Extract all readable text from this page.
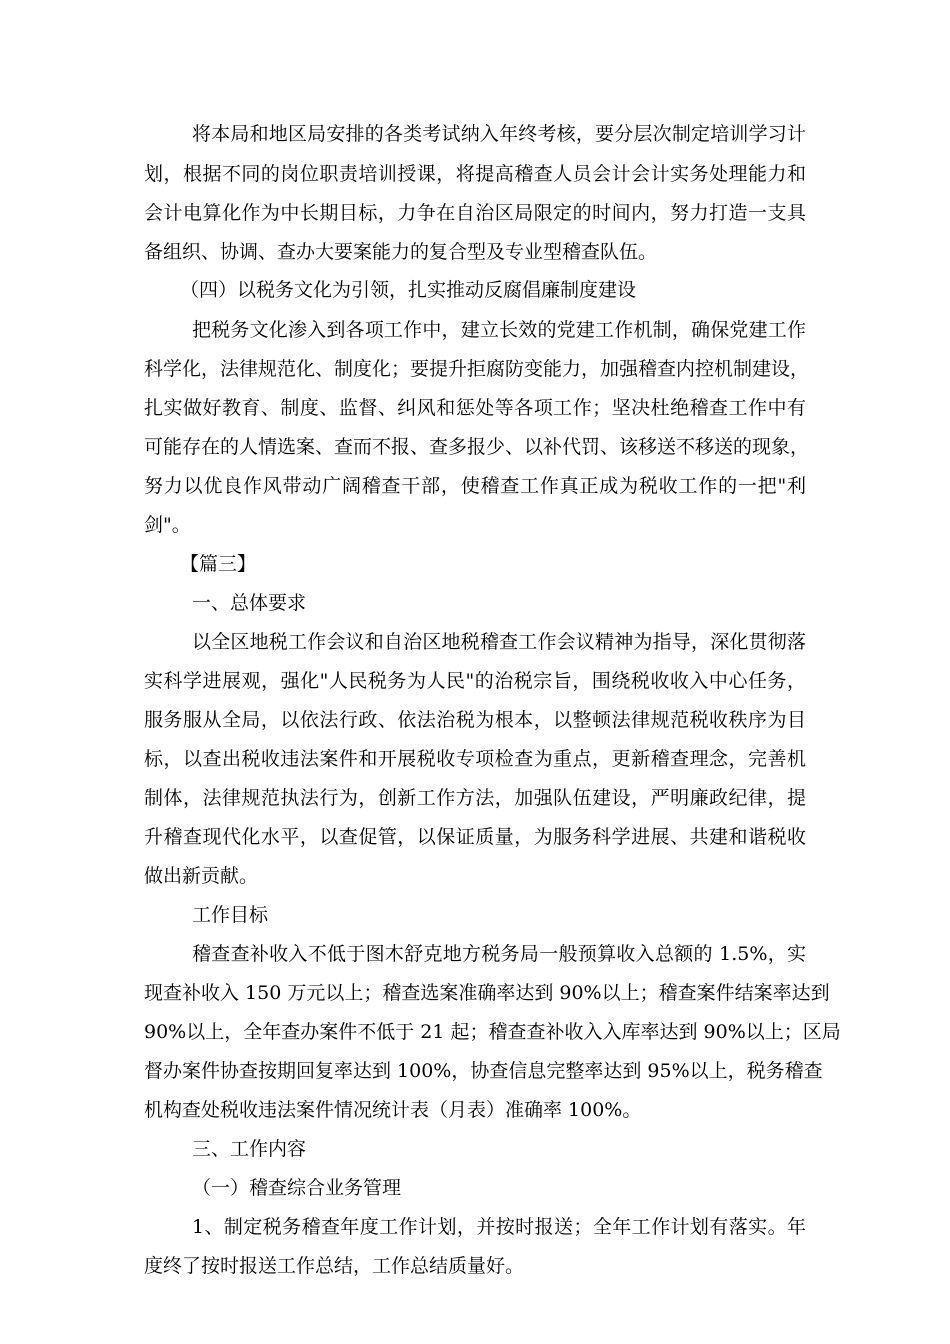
将本局和地区局安排的各类考试纳入年终考核，要分层次制定培训学习计
划，根据不同的岗位职责培训授课，将提高稽查人员会计会计实务处理能力和
会计电算化作为中长期目标，力争在自治区局限定的时间内，努力打造一支具
备组织、协调、查办大要案能力的复合型及专业型稽查队伍。
（四）以税务文化为引领，扎实推动反腐倡廉制度建设
把税务文化渗入到各项工作中，建立长效的党建工作机制，确保党建工作
科学化，法律规范化、制度化；要提升拒腐防变能力，加强稽查内控机制建设，
扎实做好教育、制度、监督、纠风和惩处等各项工作；坚决杜绝稽查工作中有
可能存在的人情选案、查而不报、查多报少、以补代罚、该移送不移送的现象，
努力以优良作风带动广阔稽查干部，使稽查工作真正成为税收工作的一把"利
剑"。
【篇三】
一、总体要求
以全区地税工作会议和自治区地税稽查工作会议精神为指导，深化贯彻落
实科学进展观，强化"人民税务为人民"的治税宗旨，围绕税收收入中心任务，
服务服从全局，以依法行政、依法治税为根本，以整顿法律规范税收秩序为目
标，以查出税收违法案件和开展税收专项检查为重点，更新稽查理念，完善机
制体，法律规范执法行为，创新工作方法，加强队伍建设，严明廉政纪律，提
升稽查现代化水平，以查促管，以保证质量，为服务科学进展、共建和谐税收
做出新贡献。
工作目标
稽查查补收入不低于图木舒克地方税务局一般预算收入总额的 1.5%，实
现查补收入 150 万元以上；稽查选案准确率达到 90%以上；稽查案件结案率达到
90%以上，全年查办案件不低于 21 起；稽查查补收入入库率达到 90%以上；区局
督办案件协查按期回复率达到 100%，协查信息完整率达到 95%以上，税务稽查
机构查处税收违法案件情况统计表（月表）准确率 100%。
三、工作内容
（一）稽查综合业务管理
1、制定税务稽查年度工作计划，并按时报送；全年工作计划有落实。年
度终了按时报送工作总结，工作总结质量好。
